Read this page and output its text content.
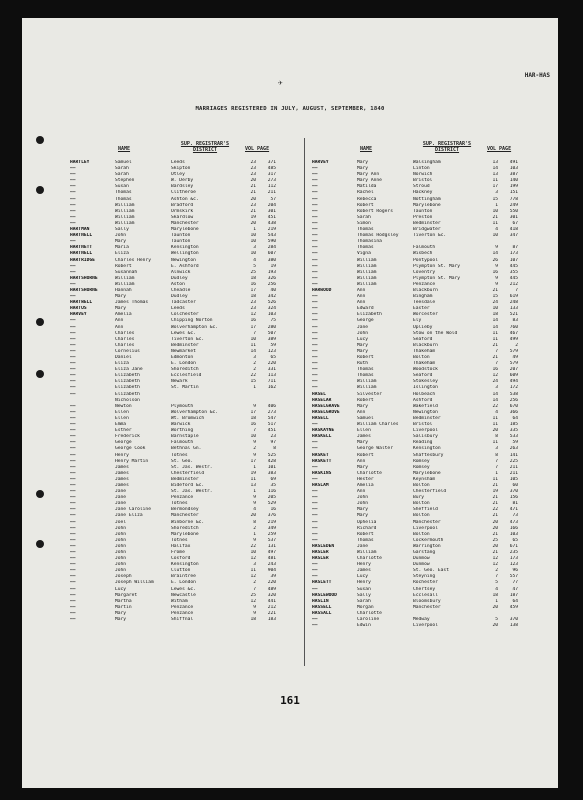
✈
HAR-HAS
MARRIAGES REGISTERED IN JULY, AUGUST, SEPTEMBER, 1840
NAME
SUP. REGISTRAR'S DISTRICT	VOL PAGE
HARTLEY	Samuel	Leeds	23	371
——	Sarah	Skipton	23	485
——	Sarah	Otley	23	317
——	Stephen	W. Derby	20	273
——	Susan	Bardsley	21	112
——	Thomas	Clitheroe	21	211
——	Thomas	Ashton &c.	20	57
——	William	Bradford	23	204
——	William	Ormskirk	21	301
——	William	Skardlow	19	451
——	William	Manchester	20	438
HARTMAN	Sally	Marylebone	1	219
HARTNELL	John	Taunton	10	543
——	Mary	Taunton	10	590
HARTNETT	Maria	Kensington	3	284
HARTNELL	Eliza	Wellington	10	607
HARTRIDGE	Charles Henry	Newington	4	380
——	Robert	E. Ashford	5	19
——	Susannah	Alnwick	25	193
HARTSHORNE	William	Dudley	18	326
——	William	Aston	16	256
HARTSHORNE	Hannah	Cheadle	17	40
——	Mary	Dudley	18	342
HARTWELL	James Thomas	Tadcaster	23	526
HARTUS	Mary	Leeds	23	324
HARVEY	Amelia	Colchester	12	103
——	Ann	Chipping Norton	16	75
——	Ann	Wolverhampton &c.	17	280
——	Charles	Lewes &c.	7	507
——	Charles	Tiverton &c.	10	389
——	Charles	Bedminster	11	59
——	Cornelius	Newmarket	14	123
——	Daniel	Edmonton	3	65
——	Eliza	E. London	2	220
——	Eliza Jane	Shoreditch	2	331
——	Elizabeth	Ecclesfield	22	113
——	Elizabeth	Newark	15	711
——	Elizabeth	St. Martin	1	162
——	Elizabeth
Nicholson
——	Newton	Plymouth	9	406
——	Ellen	Wolverhampton &c.	17	273
——	Ellen	Wt. Bromwich	18	547
——	Emma	Warwick	16	517
——	Esther	Worthing	7	451
——	Frederick	Barnstaple	10	23
——	George	Falmouth	9	97
——	George Cook	Bethnal Gn.	2	8
——	Henry	Totnes	9	525
——	Henry Martin	St. Geo.	17	428
——	James	St. Jas. Westr.	1	101
——	James	Chesterfield	19	383
——	James	Bedminster	11	69
——	James	Bideford &c.	13	35
——	Jane	St. Jas. Westr.	1	116
——	Jane	Penzance	9	205
——	Jane	Totnes	9	529
——	Jane Caroline	Bermondsey	4	16
——	Jane Eliza	Manchester	20	376
——	Joel	Winborne &c.	8	219
——	John	Shoreditch	2	349
——	John	Marylebone	1	259
——	John	Totnes	9	537
——	John	Halifax	22	131
——	John	Frome	10	497
——	John	Cosford	12	481
——	John	Kensington	3	243
——	John	Clutton	11	904
——	Joseph	Braintree	12	39
——	Joseph William	E. London	2	220
——	Lucy	Lewes &c.	7	489
——	Margaret	Newcastle	25	320
——	Martha	Witham	12	441
——	Martin	Penzance	9	212
——	Mary	Penzance	9	221
——	Mary	Shiffnal	18	183
NAME
SUP. REGISTRAR'S DISTRICT	VOL PAGE
HARVEY	Mary	Walsingham	13	491
——	Mary	Linton	14	103
——	Mary Ann	Norwich	13	387
——	Mary Anne	Bristol	11	140
——	Matilda	Stroud	17	199
——	Rachel	Hackney	3	151
——	Rebecca	Nottingham	15	778
——	Robert	Marylebone	1	249
——	Robert Rogers	Taunton	10	550
——	Sarah	Preston	21	301
——	Simon	Bedminster	11	67
——	Thomas	Bridgwater	4	418
——	Thomas Hodgsley	Tiverton &c.	10	347
——	Thomasina
——	Thomas	Falmouth	9	87
——	Vigna	Wisbech	14	173
——	William	Pontypool	26	107
——	William	Plympton St. Mary	9	445
——	William	Coventry	16	355
——	William	Plympton St. Mary	9	445
——	William	Penzance	9	212
HARWOOD	Ann	Blackburn	21	7
——	Ann	Bingham	15	619
——	Ann	Teesdale	24	248
——	Edward	Easter	10	133
——	Elizabeth	Worcester	18	521
——	George	Ely	14	83
——	Jane	Uplieby	14	760
——	John	Stow on the Wold	11	467
——	Lucy	Seaford	11	499
——	Mary	Blackburn	21	2
——	Mary	Thakeham	7	579
——	Robert	Bolton	21	49
——	Ruth	Thakeham	7	579
——	Thomas	Woodstock	16	207
——	Thomas	Seaford	12	609
——	William	Stokesley	24	494
——	William	Islington	3	172
HASEL	Silvester	Holbeach	14	538
HASELAR	Robert	Ashford	14	256
HASELGRAVE	Mary	Wakefield	22	670
HASELGROVE	Ann	Newington	4	366
HASELL	Samuel	Bedminster	11	64
——	William Charles	Bristol	11	185
HASKAYNE	Ellen	Liverpool	20	335
HASKELL	James	Salisbury	8	533
——	Mary	Reading	11	59
——	George Walter	Kensington	3	263
HASKET	Robert	Shaftesbury	8	141
HASKETT	Ann	Romsey	7	225
——	Mary	Romsey	7	211
HASKINS	Charlotte	Marylebone	1	211
——	Hester	Keynsham	11	105
HASLAM	Amelia	Bolton	21	60
——	Ann	Chesterfield	19	370
——	John	Bury	21	156
——	John	Bolton	21	81
——	Mary	Sheffield	22	471
——	Mary	Bolton	21	73
——	Ophelia	Manchester	20	473
——	Richard	Liverpool	20	166
——	Robert	Bolton	21	103
——	Thomas	Cockermouth	25	65
HASLEDEN	Jane	Warrington	20	671
HASLER	William	Garstang	21	235
HASLER	Charlotte	Dunmow	12	173
——	Henry	Dunmow	12	123
——	James	St. Geo. East	2	96
——	Lucy	Steyning	7	557
HASLETT	Henry	Rochester	5	77
——	Susan	Chertsey	4	47
HASLEWOOD	Sally	Ecclesall	18	187
HASLIN	Sarah	Bloomsbury	1	64
HASSELL	Morgan	Manchester	20	459
HASSALL	Charlotte
——	Caroline	Medway	5	370
——	Edwin	Liverpool	20	138
161
